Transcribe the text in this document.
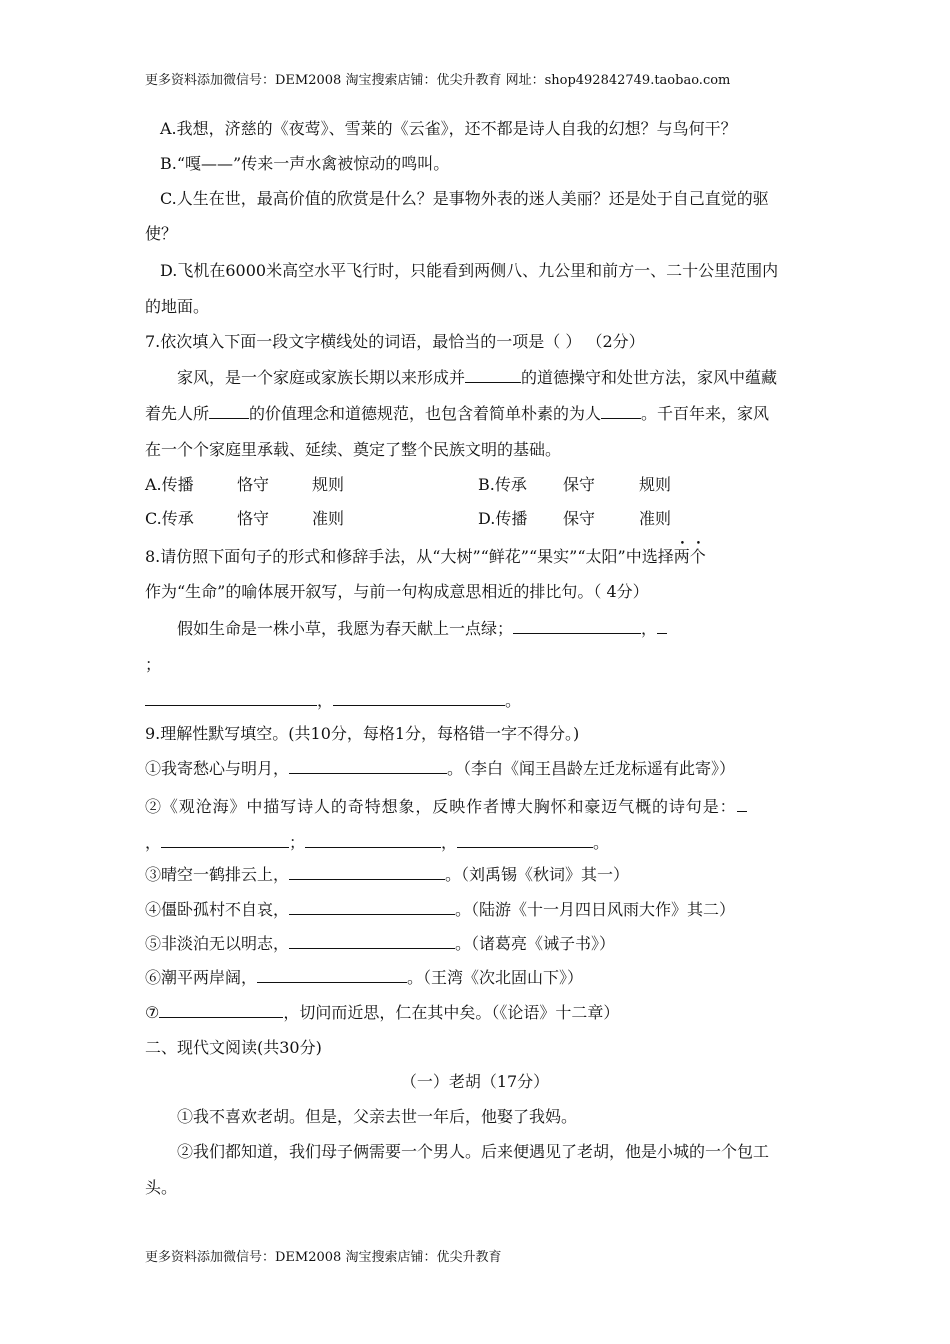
更多资料添加微信号：DEM2008 淘宝搜索店铺：优尖升教育 网址：shop492842749.taobao.com
A.我想，济慈的《夜莺》、雪莱的《云雀》，还不都是诗人自我的幻想？与鸟何干？
B.“嘎——”传来一声水禽被惊动的鸣叫。
C.人生在世，最高价值的欣赏是什么？是事物外表的迷人美丽？还是处于自己直觉的驱
使？
D.飞机在6000米高空水平飞行时，只能看到两侧八、九公里和前方一、二十公里范围内
的地面。
7.依次填入下面一段文字横线处的词语，最恰当的一项是（ ） （2分）
家风，是一个家庭或家族长期以来形成并	的道德操守和处世方法，家风中蕴藏
着先人所	的价值理念和道德规范，也包含着简单朴素的为人	。千百年来，家风
在一个个家庭里承载、延续、奠定了整个民族文明的基础。
A.传播	恪守	规则	B.传承 保守	规则
C.传承	恪守	准则	D.传播 保守	准则
8.请仿照下面句子的形式和修辞手法，从“大树”“鲜花”“果实”“太阳”中选择两个
作为“生命”的喻体展开叙写，与前一句构成意思相近的排比句。（ 4分）
假如生命是一株小草，我愿为春天献上一点绿；	，
；
，	。
9.理解性默写填空。(共10分，每格1分，每格错一字不得分。)
①我寄愁心与明月，	。（李白《闻王昌龄左迁龙标遥有此寄》）
②《观沧海》中描写诗人的奇特想象，反映作者博大胸怀和豪迈气概的诗句是：
，	；	，	。
③晴空一鹤排云上，	。（刘禹锡《秋词》其一）
④僵卧孤村不自哀，	。（陆游《十一月四日风雨大作》其二）
⑤非淡泊无以明志，	。（诸葛亮《诫子书》）
⑥潮平两岸阔，	。（王湾《次北固山下》）
⑦	，切问而近思，仁在其中矣。（《论语》十二章）
二、现代文阅读(共30分)
（一）老胡（17分）
①我不喜欢老胡。但是，父亲去世一年后，他娶了我妈。
②我们都知道，我们母子俩需要一个男人。后来便遇见了老胡，他是小城的一个包工
头。
更多资料添加微信号：DEM2008 淘宝搜索店铺：优尖升教育
